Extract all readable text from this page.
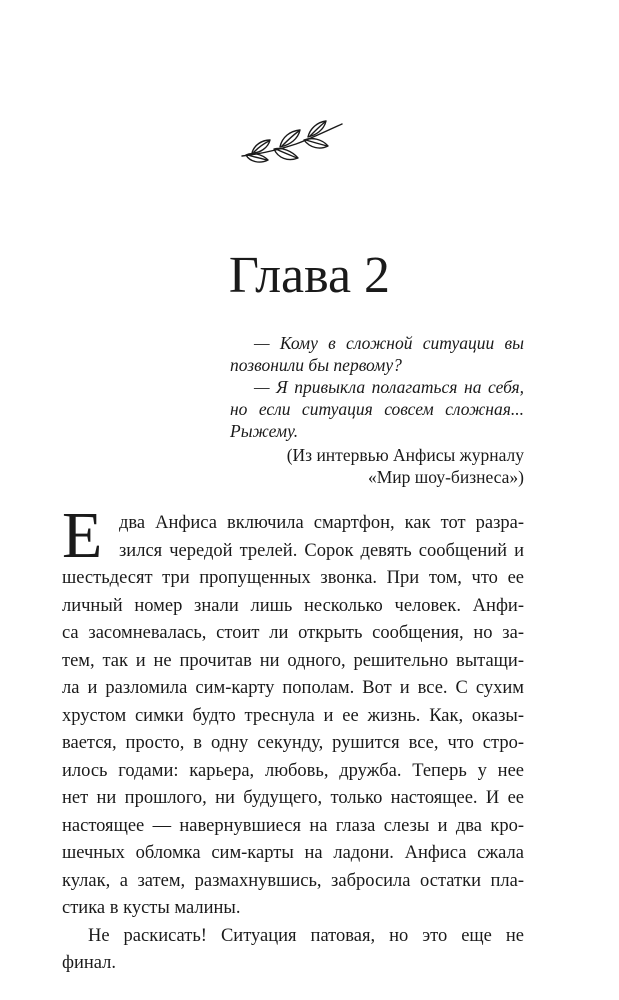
Глава 2
— Кому в сложной ситуации вы
позвонили бы первому?
— Я привыкла полагаться на себя,
но если ситуация совсем сложная...
Рыжему.
(Из интервью Анфисы журналу
«Мир шоу-бизнеса»)
Е два Анфиса включила смартфон, как тот разра-
зился чередой трелей. Сорок девять сообщений и
шестьдесят три пропущенных звонка. При том, что ее
личный номер знали лишь несколько человек. Анфи-
са засомневалась, стоит ли открыть сообщения, но за-
тем, так и не прочитав ни одного, решительно вытащи-
ла и разломила сим-карту пополам. Вот и все. С сухим
хрустом симки будто треснула и ее жизнь. Как, оказы-
вается, просто, в одну секунду, рушится все, что стро-
илось годами: карьера, любовь, дружба. Теперь у нее
нет ни прошлого, ни будущего, только настоящее. И ее
настоящее — навернувшиеся на глаза слезы и два кро-
шечных обломка сим-карты на ладони. Анфиса сжала
кулак, а затем, размахнувшись, забросила остатки пла-
стика в кусты малины.
Не раскисать! Ситуация патовая, но это еще не
финал.
